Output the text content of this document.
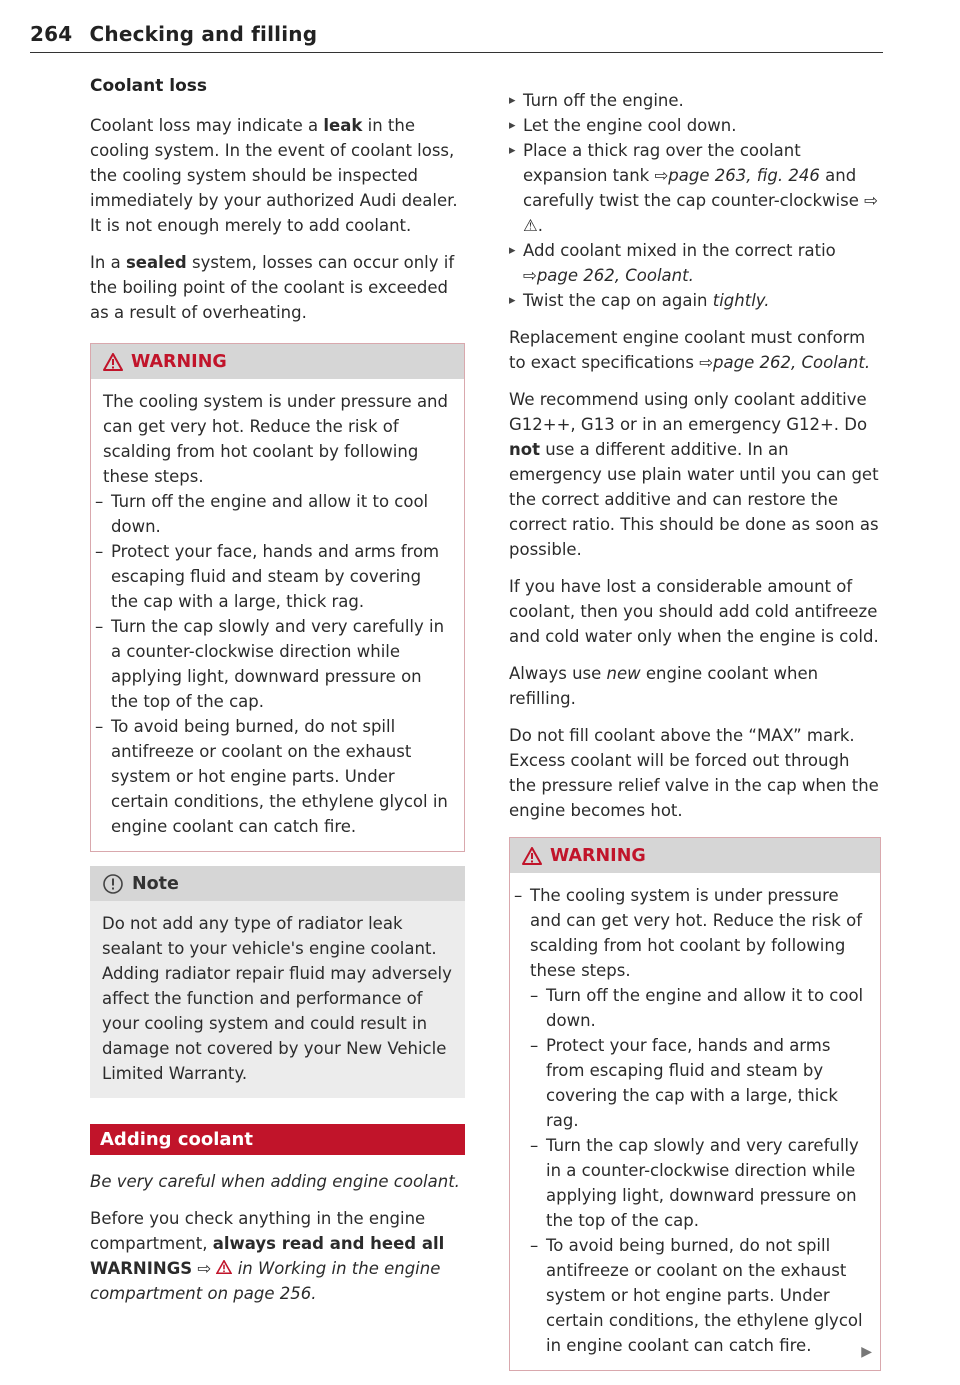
264 Checking and filling
Coolant loss

Coolant loss may indicate a leak in the cooling system. In the event of coolant loss, the cooling system should be inspected immediately by your authorized Audi dealer. It is not enough merely to add coolant.

In a sealed system, losses can occur only if the boiling point of the coolant is exceeded as a result of overheating.

WARNING

The cooling system is under pressure and can get very hot. Reduce the risk of scalding from hot coolant by following these steps.

– Turn off the engine and allow it to cool down.
– Protect your face, hands and arms from escaping fluid and steam by covering the cap with a large, thick rag.
– Turn the cap slowly and very carefully in a counter-clockwise direction while applying light, downward pressure on the top of the cap.
– To avoid being burned, do not spill antifreeze or coolant on the exhaust system or hot engine parts. Under certain conditions, the ethylene glycol in engine coolant can catch fire.
Note

Do not add any type of radiator leak sealant to your vehicle's engine coolant. Adding radiator repair fluid may adversely affect the function and performance of your cooling system and could result in damage not covered by your New Vehicle Limited Warranty.

Adding coolant

Be very careful when adding engine coolant.

Before you check anything in the engine compartment, always read and heed all WARNINGS ⇨  in Working in the engine compartment on page 256.

▸ Turn off the engine.
▸ Let the engine cool down.
▸ Place a thick rag over the coolant expansion tank ⇨page 263, fig. 246 and carefully twist the cap counter-clockwise ⇨ ⚠.
▸ Add coolant mixed in the correct ratio ⇨page 262, Coolant.
▸ Twist the cap on again tightly.

Replacement engine coolant must conform to exact specifications ⇨page 262, Coolant.

We recommend using only coolant additive G12++, G13 or in an emergency G12+. Do not use a different additive. In an emergency use plain water until you can get the correct additive and can restore the correct ratio. This should be done as soon as possible.

If you have lost a considerable amount of coolant, then you should add cold antifreeze and cold water only when the engine is cold.

Always use new engine coolant when refilling.

Do not fill coolant above the “MAX” mark. Excess coolant will be forced out through the pressure relief valve in the cap when the engine becomes hot.

WARNING
– The cooling system is under pressure and can get very hot. Reduce the risk of scalding from hot coolant by following these steps.
– Turn off the engine and allow it to cool down.
– Protect your face, hands and arms from escaping fluid and steam by covering the cap with a large, thick rag.
– Turn the cap slowly and very carefully in a counter-clockwise direction while applying light, downward pressure on the top of the cap.
– To avoid being burned, do not spill antifreeze or coolant on the exhaust system or hot engine parts. Under certain conditions, the ethylene glycol in engine coolant can catch fire.	▶
